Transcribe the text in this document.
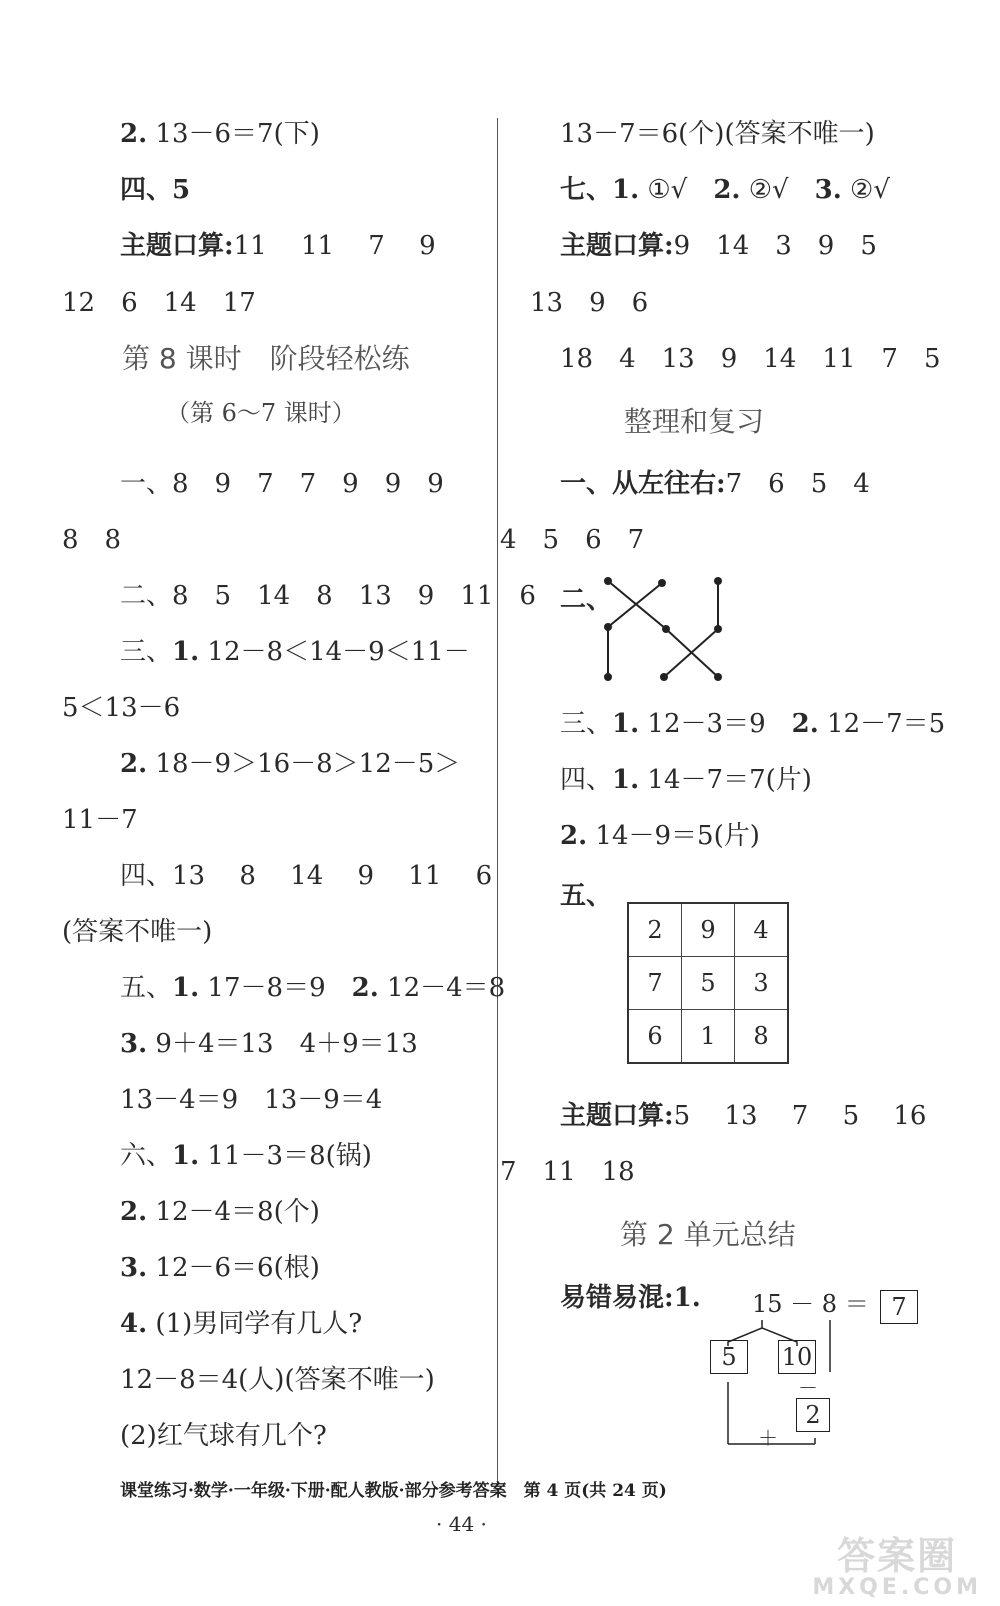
2. 13－6＝7(下)
四、5
主题口算:11　 11　 7　 9
12　6　14　17
第 8 课时　阶段轻松练
（第 6～7 课时）
一、8　9　7　7　9　9　9
8　8
二、8　5　14　8　13　9　11　6
三、1. 12－8＜14－9＜11－
5＜13－6
2. 18－9＞16－8＞12－5＞
11－7
四、13　 8　 14　 9　 11　 6
(答案不唯一)
五、1. 17－8＝9　2. 12－4＝8
3. 9＋4＝13　4＋9＝13
13－4＝9　13－9＝4
六、1. 11－3＝8(锅)
2. 12－4＝8(个)
3. 12－6＝6(根)
4. (1)男同学有几人?
12－8＝4(人)(答案不唯一)
(2)红气球有几个?
13－7＝6(个)(答案不唯一)
七、1. ①√　2. ②√　3. ②√
主题口算:9　14　3　9　5
13　9　6
18　4　13　9　14　11　7　5
整理和复习
一、从左往右:7　6　5　4
4　5　6　7
二、
三、1. 12－3＝9　2. 12－7＝5
四、1. 14－7＝7(片)
2. 14－9＝5(片)
五、
2	9	4
7	5	3
6	1	8
主题口算:5　 13　 7　 5　 16
7　11　18
第 2 单元总结
易错易混:1. 15 － 8 ＝ 7
5	10
－
2
＋
课堂练习·数学·一年级·下册·配人教版·部分参考答案　第 4 页(共 24 页)
· 44 ·
答案圈
MXQE.COM
